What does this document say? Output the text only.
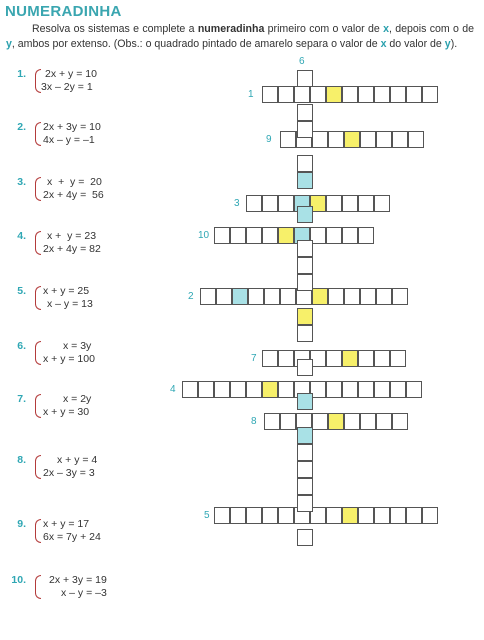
NUMERADINHA

Resolva os sistemas e complete a numeradinha primeiro com o valor de x, depois com o de y, ambos por extenso. (Obs.: o quadrado pintado de amarelo separa o valor de x do valor de y).

1. 2x + y = 10
3x – 2y = 1
2. 2x + 3y = 10
4x – y = –1
3. x  +  y =  20
2x + 4y =  56
4. x +  y = 23
2x + 4y = 82
5. x + y = 25
x – y = 13
6.	x = 3y
x + y = 100
7.	x = 2y
x + y = 30
8.	x + y = 4
2x – 3y = 3
9. x + y = 17
6x = 7y + 24
10. 2x + 3y = 19
x – y = –3
1
9
3
10
2
7
4
8
5
6
